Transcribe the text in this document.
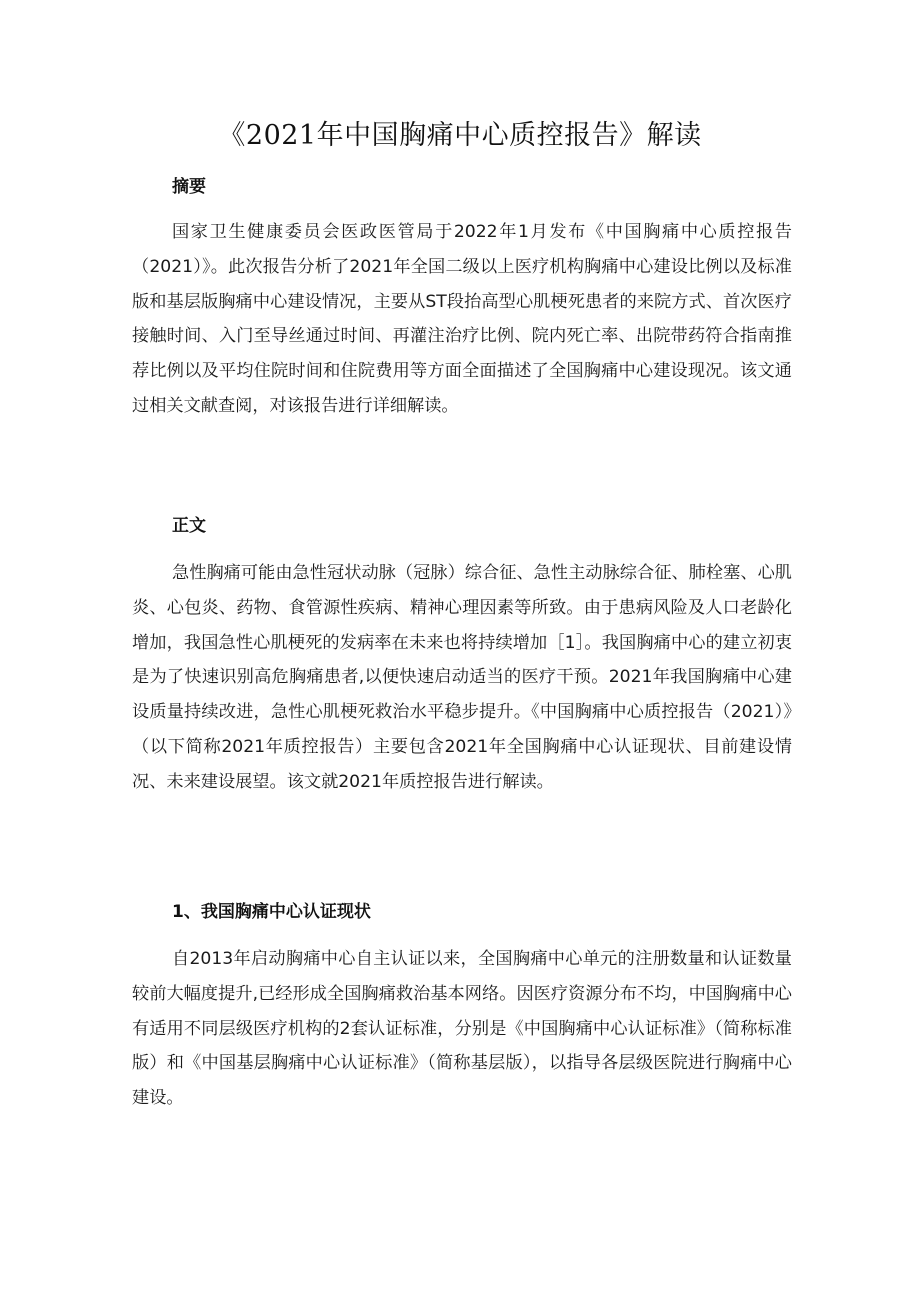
《2021年中国胸痛中心质控报告》解读
摘要

国家卫生健康委员会医政医管局于2022年1月发布《中国胸痛中心质控报告（2021）》。此次报告分析了2021年全国二级以上医疗机构胸痛中心建设比例以及标准版和基层版胸痛中心建设情况，主要从ST段抬高型心肌梗死患者的来院方式、首次医疗接触时间、入门至导丝通过时间、再灌注治疗比例、院内死亡率、出院带药符合指南推荐比例以及平均住院时间和住院费用等方面全面描述了全国胸痛中心建设现况。该文通过相关文献查阅，对该报告进行详细解读。

正文

急性胸痛可能由急性冠状动脉（冠脉）综合征、急性主动脉综合征、肺栓塞、心肌炎、心包炎、药物、食管源性疾病、精神心理因素等所致。由于患病风险及人口老龄化增加，我国急性心肌梗死的发病率在未来也将持续增加［1］。我国胸痛中心的建立初衷是为了快速识别高危胸痛患者,以便快速启动适当的医疗干预。2021年我国胸痛中心建设质量持续改进，急性心肌梗死救治水平稳步提升。《中国胸痛中心质控报告（2021）》（以下简称2021年质控报告）主要包含2021年全国胸痛中心认证现状、目前建设情况、未来建设展望。该文就2021年质控报告进行解读。

1、我国胸痛中心认证现状

自2013年启动胸痛中心自主认证以来，全国胸痛中心单元的注册数量和认证数量较前大幅度提升,已经形成全国胸痛救治基本网络。因医疗资源分布不均，中国胸痛中心有适用不同层级医疗机构的2套认证标准，分别是《中国胸痛中心认证标准》（简称标准版）和《中国基层胸痛中心认证标准》（简称基层版），以指导各层级医院进行胸痛中心建设。
